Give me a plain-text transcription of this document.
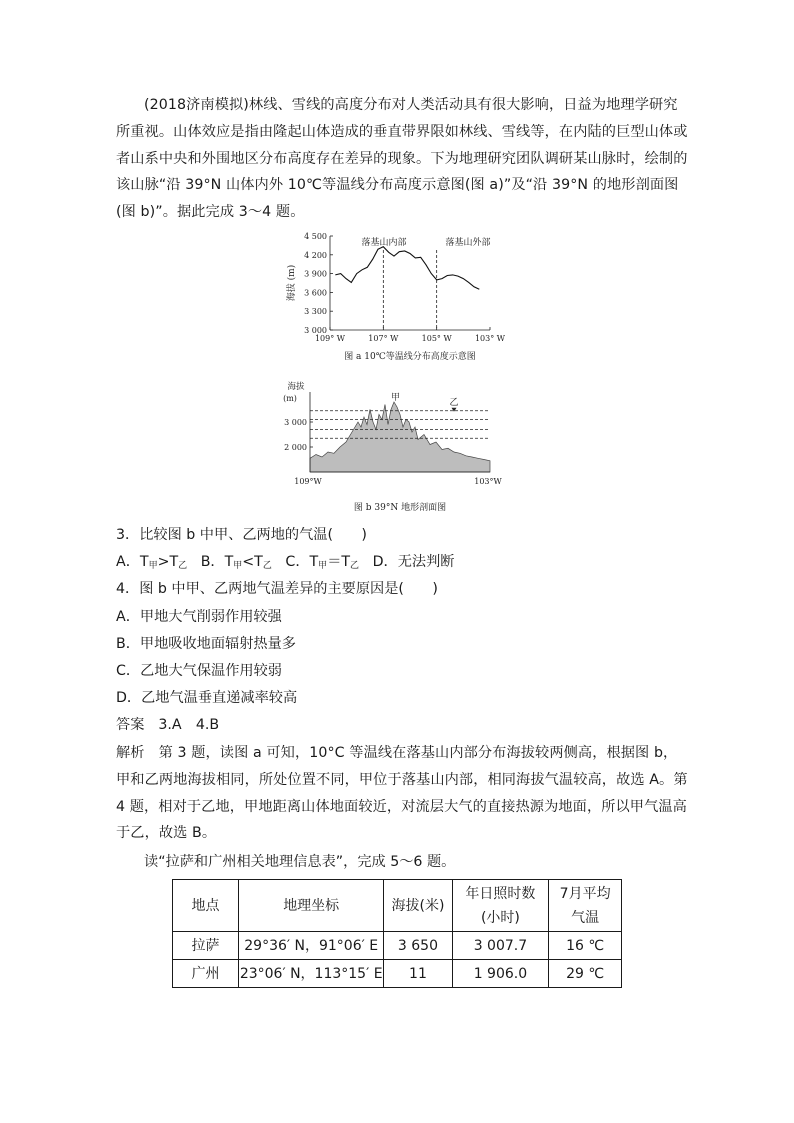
(2018济南模拟)林线、雪线的高度分布对人类活动具有很大影响，日益为地理学研究所重视。山体效应是指由隆起山体造成的垂直带界限如林线、雪线等，在内陆的巨型山体或者山系中央和外围地区分布高度存在差异的现象。下为地理研究团队调研某山脉时，绘制的该山脉“沿 39°N 山体内外 10℃等温线分布高度示意图(图 a)”及“沿 39°N 的地形剖面图(图 b)”。据此完成 3～4 题。
4 500
4 200
3 900
3 600
3 300
3 000
109° W	107° W	105° W	103° W
落基山内部	落基山外部
海拔 (m)
图 a 10℃等温线分布高度示意图
海拔
(m)
3 000
2 000
109°W	103°W
甲	乙
图 b 39°N 地形剖面图
3．比较图 b 中甲、乙两地的气温(　　)
A．$T_甲>T_乙$ B．$T_甲<T_乙$ C．$T_甲=T_乙$ D．无法判断
4．图 b 中甲、乙两地气温差异的主要原因是(　　)
A．甲地大气削弱作用较强
B．甲地吸收地面辐射热量多
C．乙地大气保温作用较弱
D．乙地气温垂直递减率较高
答案 3.A　4.B
解析 第 3 题，读图 a 可知，10°C 等温线在落基山内部分布海拔较两侧高，根据图 b，甲和乙两地海拔相同，所处位置不同，甲位于落基山内部，相同海拔气温较高，故选 A。第 4 题，相对于乙地，甲地距离山体地面较近，对流层大气的直接热源为地面，所以甲气温高于乙，故选 B。
读“拉萨和广州相关地理信息表”，完成 5～6 题。
地点	地理坐标	海拔(米)	年日照时数(小时)	7月平均气温
拉萨	29°36′ N，91°06′ E	3 650	3 007.7	16 ℃
广州	23°06′ N，113°15′ E	11	1 906.0	29 ℃
